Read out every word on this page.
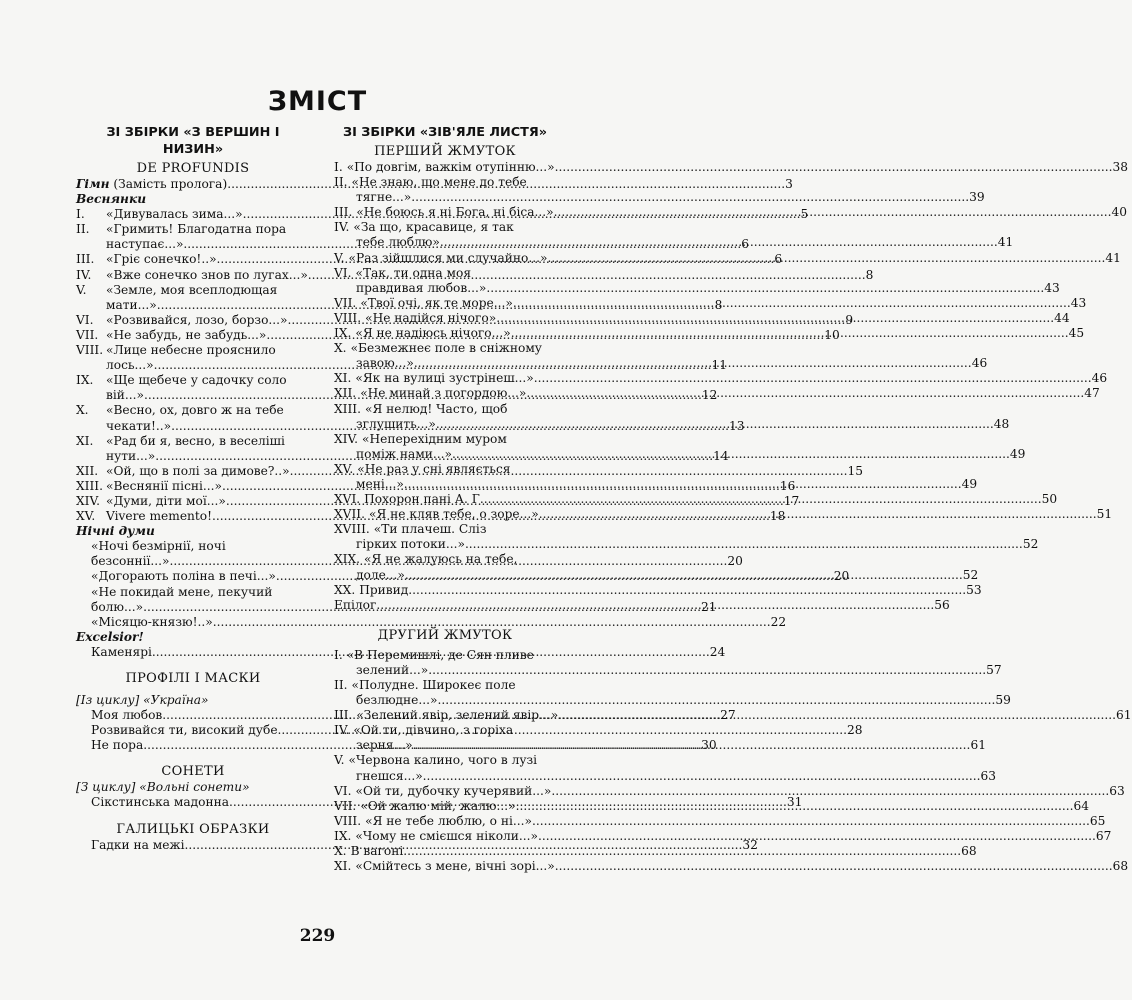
ЗМІСТ
ЗІ ЗБІРКИ «З ВЕРШИН І НИЗИН»
DE PROFUNDIS
Гімн (Замість пролога) .....	3
Веснянки
I.	«Дивувалась зима...» .....	5
II.	«Гримить! Благодатна пора
наступає...» .....	6
III. «Гріє сонечко!..» .....	6
IV.	«Вже сонечко знов по лугах...» .....	8
V.	«Земле, моя всеплодющая
мати...» .....	8
VI.	«Розвивайся, лозо, борзо...» .....	9
VII. «Не забудь, не забудь...» .....	10
VIII. «Лице небесне прояснило
лось...» .....	11
IX.	«Ще щебече у садочку соло
вій...» .....	12
X.	«Весно, ох, довго ж на тебе
чекати!..» .....	13
XI.	«Рад би я, весно, в веселіші
нути...» .....	14
XII. «Ой, що в полі за димове?..» .....	15
XIII. «Веснянії пісні...» .....	16
XIV. «Думи, діти мої...» .....	17
XV. Vivere memento! .....	18
Нічні думи
«Ночі безмірнії, ночі
безсоннії...» .....	20
«Догорають поліна в печі...» .....	20
«Не покидай мене, пекучий
болю...» .....	21
«Місяцю-князю!..» .....	22
Excelsior!
Каменярі .....	24
ПРОФІЛІ І МАСКИ
[Із циклу] «Україна»
Моя любов .....	27
Розвивайся ти, високий дубе... .....	28
Не пора .....	30
СОНЕТИ
[З циклу] «Вольні сонети»
Сікстинська мадонна .....	31
ГАЛИЦЬКІ ОБРАЗКИ
Гадки на межі .....	32
ЗІ ЗБІРКИ «ЗІВ'ЯЛЕ ЛИСТЯ»
ПЕРШИЙ ЖМУТОК
I. «По довгім, важкім отупінню...» .....	38
II. «Не знаю, що мене до тебе
тягне...» .....	39
III. «Не боюсь я ні Бога, ні біса...» .....	40
IV. «За що, красавице, я так
тебе люблю» .....	41
V. «Раз зійшлися ми случайно...» .....	41
VI. «Так, ти одна моя
правдивая любов...» .....	43
VII. «Твої очі, як те море...» .....	43
VIII. «Не надійся нічого» .....	44
IX. «Я не надіюсь нічого...» .....	45
X. «Безмежнеє поле в сніжному
завою...» .....	46
XI. «Як на вулиці зустрінеш...» .....	46
XII. «Не минай з погордою...» .....	47
XIII. «Я нелюд! Часто, щоб
зглушить...» .....	48
XIV. «Неперехідним муром
поміж нами...» .....	49
XV. «Не раз у сні являється
мені...» .....	49
XVI. Похорон пані А. Г. .....	50
XVII. «Я не кляв тебе, о зоре...» .....	51
XVIII. «Ти плачеш. Сліз
гірких потоки...» .....	52
XIX. «Я не жалуюсь на тебе,
доле...» .....	52
XX. Привид .....	53
Епілог .....	56
ДРУГИЙ ЖМУТОК
I. «В Перемишлі, де Сян пливе
зелений...» .....	57
II. «Полудне. Широкеє поле
безлюдне...» .....	59
III. «Зелений явір, зелений явір...» .....	61
IV. «Ой ти, дівчино, з горіха
зерня...» .....	61
V. «Червона калино, чого в лузі
гнешся...» .....	63
VI. «Ой ти, дубочку кучерявий...» .....	63
VII. «Ой жалю мій, жалю...» .....	64
VIII. «Я не тебе люблю, о ні...» .....	65
IX. «Чому не смієшся ніколи...» .....	67
X. В вагоні .....	68
XI. «Смійтесь з мене, вічні зорі...» .....	68
229
